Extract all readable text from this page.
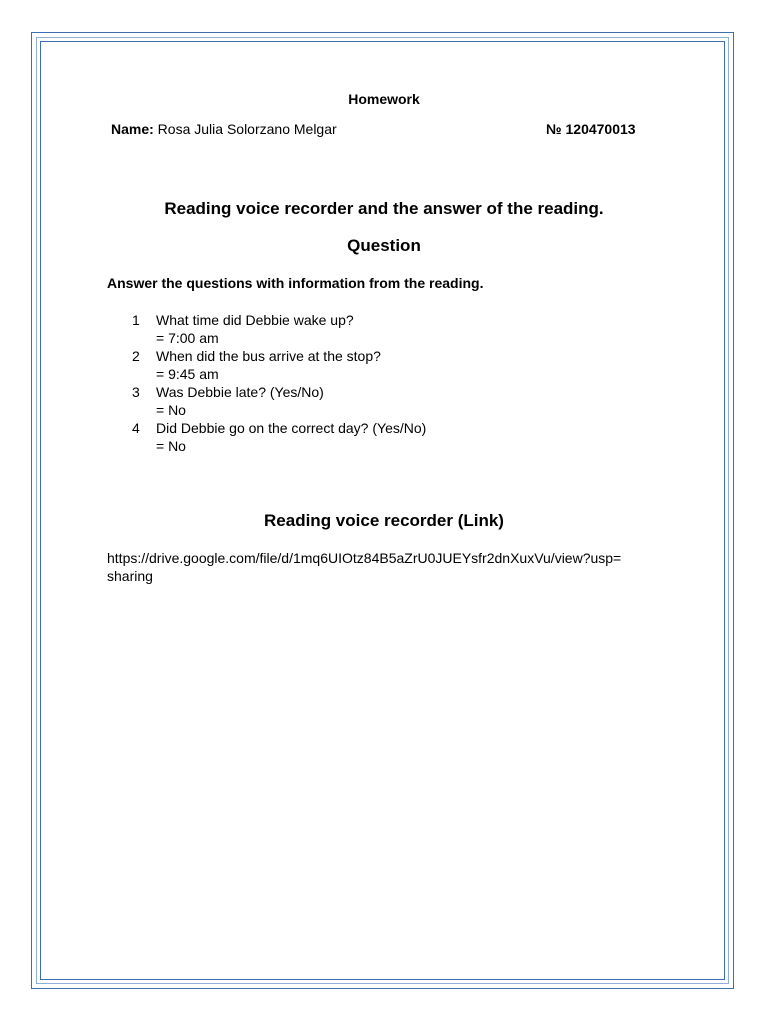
Homework
Name: Rosa Julia Solorzano Melgar	№ 120470013
Reading voice recorder and the answer of the reading.
Question
Answer the questions with information from the reading.
1	What time did Debbie wake up?
= 7:00 am
2	When did the bus arrive at the stop?
= 9:45 am
3	Was Debbie late? (Yes/No)
= No
4	Did Debbie go on the correct day? (Yes/No)
= No
Reading voice recorder (Link)
https://drive.google.com/file/d/1mq6UIOtz84B5aZrU0JUEYsfr2dnXuxVu/view?usp=
sharing
